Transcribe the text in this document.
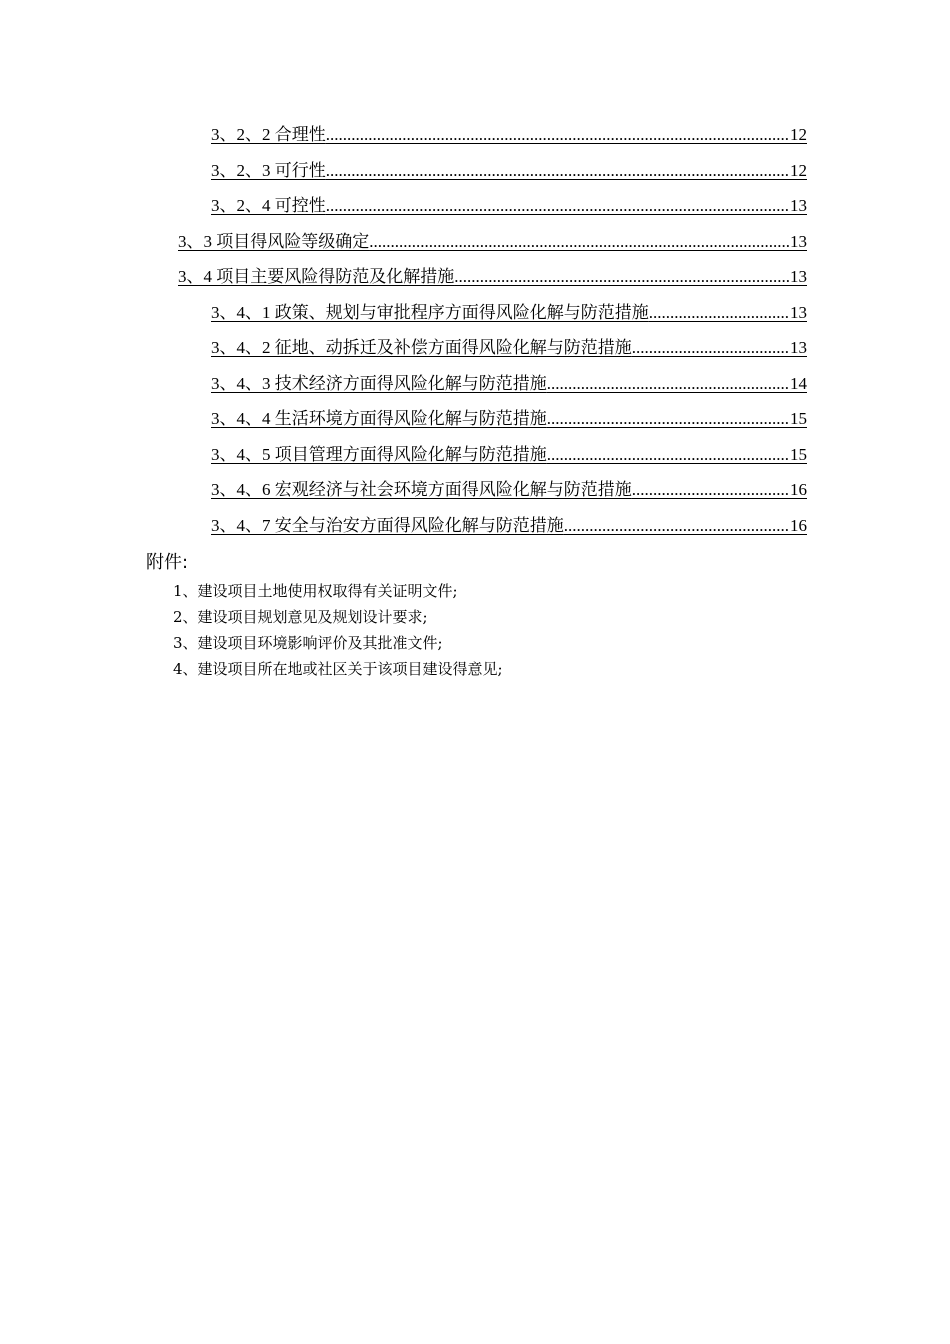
3、2、2 合理性 .....	12
3、2、3 可行性 .....	12
3、2、4 可控性 .....	13
3、3 项目得风险等级确定 .....	13
3、4 项目主要风险得防范及化解措施 .....	13
3、4、1 政策、规划与审批程序方面得风险化解与防范措施 .....	13
3、4、2 征地、动拆迁及补偿方面得风险化解与防范措施 .....	13
3、4、3 技术经济方面得风险化解与防范措施 .....	14
3、4、4 生活环境方面得风险化解与防范措施 .....	15
3、4、5 项目管理方面得风险化解与防范措施 .....	15
3、4、6 宏观经济与社会环境方面得风险化解与防范措施 .....	16
3、4、7 安全与治安方面得风险化解与防范措施 .....	16
附件:
1、建设项目土地使用权取得有关证明文件;
2、建设项目规划意见及规划设计要求;
3、建设项目环境影响评价及其批准文件;
4、建设项目所在地或社区关于该项目建设得意见;
